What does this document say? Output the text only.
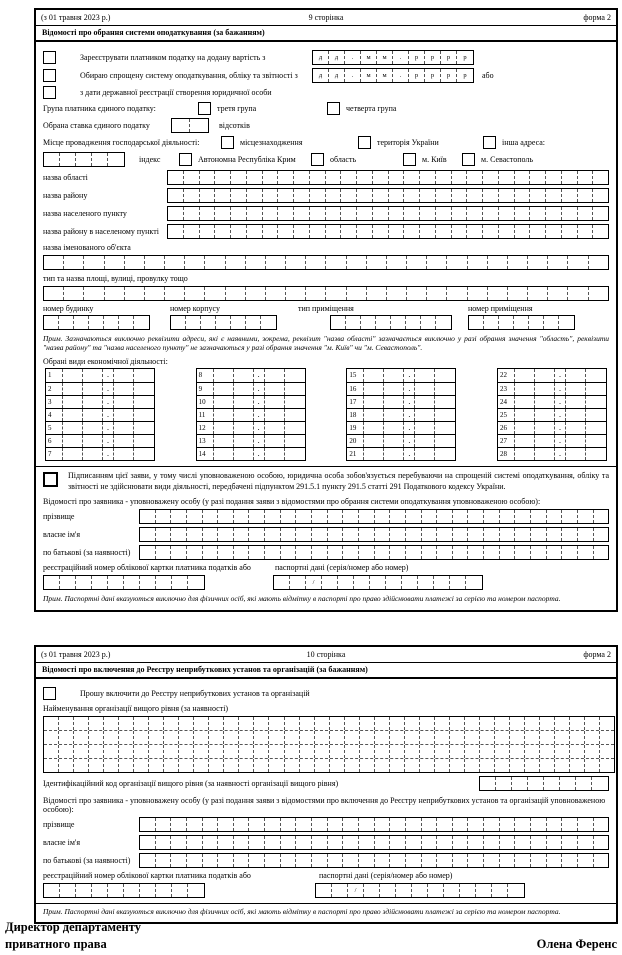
(з 01 травня 2023 р.)	9 сторінка	форма 2
Відомості про обрання системи оподаткування (за бажанням)
Зареєструвати платником податку на додану вартість з	д	д	.	м	м	.	р	р	р	р
Обираю спрощену систему оподаткування, обліку та звітності з	д	д	.	м	м	.	р	р	р	р	або
з дати державної реєстрації створення юридичної особи
Група платника єдиного податку:	третя група	четверта група
Обрана ставка єдиного податку	відсотків
Місце провадження господарської діяльності:	місцезнаходження	територія України	інша адреса:
індекс	Автономна Республіка Крим	область	м. Київ	м. Севастополь
назва області
назва району
назва населеного пункту
назва району в населеному пункті
назва іменованого об'єкта
тип та назва площі, вулиці, провулку тощо
номер будинку	номер корпусу	тип приміщення	номер приміщення
Прим. Зазначаються виключно реквізити адреси, які є наявними, зокрема, реквізит "назва області" зазначається виключно у разі обрання значення "область", реквізити "назва району" та "назва населеного пункту" не зазначаються у разі обрання значення "м. Київ" чи "м. Севастополь".
Обрані види економічної діяльності:
1	.
2	.
3	.
4	.
5	.
6	.
7	.
8	.
9	.
10	.
11	.
12	.
13	.
14	.
15	.
16	.
17	.
18	.
19	.
20	.
21	.
22	.
23	.
24	.
25	.
26	.
27	.
28	.
Підписанням цієї заяви, у тому числі уповноваженою особою, юридична особа зобов'язується перебуваючи на спрощеній системі оподаткування, обліку та звітності не здійснювати види діяльності, передбачені підпунктом 291.5.1 пункту 291.5 статті 291 Податкового кодексу України.
Відомості про заявника - уповноважену особу (у разі подання заяви з відомостями про обрання системи оподаткування уповноваженою особою):
прізвище
власне ім'я
по батькові (за наявності)
реєстраційний номер облікової картки платника податків або	паспортні дані (серія/номер або номер)
/
Прим. Паспортні дані вказуються виключно для фізичних осіб, які мають відмітку в паспорті про право здійснювати платежі за серією та номером паспорта.
(з 01 травня 2023 р.)	10 сторінка	форма 2
Відомості про включення до Реєстру неприбуткових установ та організацій (за бажанням)
Прошу включити до Реєстру неприбуткових установ та організацій
Найменування організації вищого рівня (за наявності)
Ідентифікаційний код організації вищого рівня (за наявності організації вищого рівня)
Відомості про заявника - уповноважену особу (у разі подання заяви з відомостями про включення до Реєстру неприбуткових установ та організацій уповноваженою особою):
прізвище
власне ім'я
по батькові (за наявності)
реєстраційний номер облікової картки платника податків або	паспортні дані (серія/номер або номер)
/
Прим. Паспортні дані вказуються виключно для фізичних осіб, які мають відмітку в паспорті про право здійснювати платежі за серією та номером паспорта.
Директор департаменту
приватного права	Олена Ференс
